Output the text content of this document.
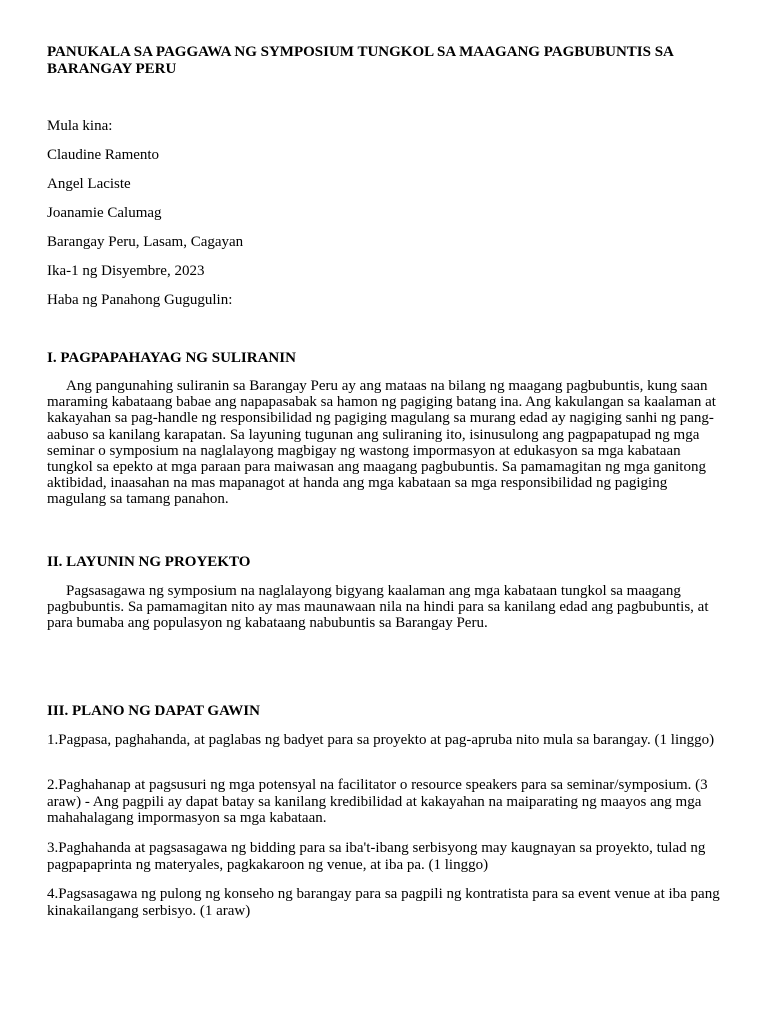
PANUKALA SA PAGGAWA NG SYMPOSIUM TUNGKOL SA MAAGANG PAGBUBUNTIS SA BARANGAY PERU
Mula kina:
Claudine Ramento
Angel Laciste
Joanamie Calumag
Barangay Peru, Lasam, Cagayan
Ika-1 ng Disyembre, 2023
Haba ng Panahong Gugugulin:
I. PAGPAPAHAYAG NG SULIRANIN
Ang pangunahing suliranin sa Barangay Peru ay ang mataas na bilang ng maagang pagbubuntis, kung saan maraming kabataang babae ang napapasabak sa hamon ng pagiging batang ina. Ang kakulangan sa kaalaman at kakayahan sa pag-handle ng responsibilidad ng pagiging magulang sa murang edad ay nagiging sanhi ng pang-aabuso sa kanilang karapatan. Sa layuning tugunan ang suliraning ito, isinusulong ang pagpapatupad ng mga seminar o symposium na naglalayong magbigay ng wastong impormasyon at edukasyon sa mga kabataan tungkol sa epekto at mga paraan para maiwasan ang maagang pagbubuntis. Sa pamamagitan ng mga ganitong aktibidad, inaasahan na mas mapanagot at handa ang mga kabataan sa mga responsibilidad ng pagiging magulang sa tamang panahon.
II. LAYUNIN NG PROYEKTO
Pagsasagawa ng symposium na naglalayong bigyang kaalaman ang mga kabataan tungkol sa maagang pagbubuntis. Sa pamamagitan nito ay mas maunawaan nila na hindi para sa kanilang edad ang pagbubuntis, at para bumaba ang populasyon ng kabataang nabubuntis sa Barangay Peru.
III. PLANO NG DAPAT GAWIN
1.Pagpasa, paghahanda, at paglabas ng badyet para sa proyekto at pag-apruba nito mula sa barangay. (1 linggo)
2.Paghahanap at pagsusuri ng mga potensyal na facilitator o resource speakers para sa seminar/symposium. (3 araw) - Ang pagpili ay dapat batay sa kanilang kredibilidad at kakayahan na maiparating ng maayos ang mga mahahalagang impormasyon sa mga kabataan.
3.Paghahanda at pagsasagawa ng bidding para sa iba't-ibang serbisyong may kaugnayan sa proyekto, tulad ng pagpapaprinta ng materyales, pagkakaroon ng venue, at iba pa. (1 linggo)
4.Pagsasagawa ng pulong ng konseho ng barangay para sa pagpili ng kontratista para sa event venue at iba pang kinakailangang serbisyo. (1 araw)
